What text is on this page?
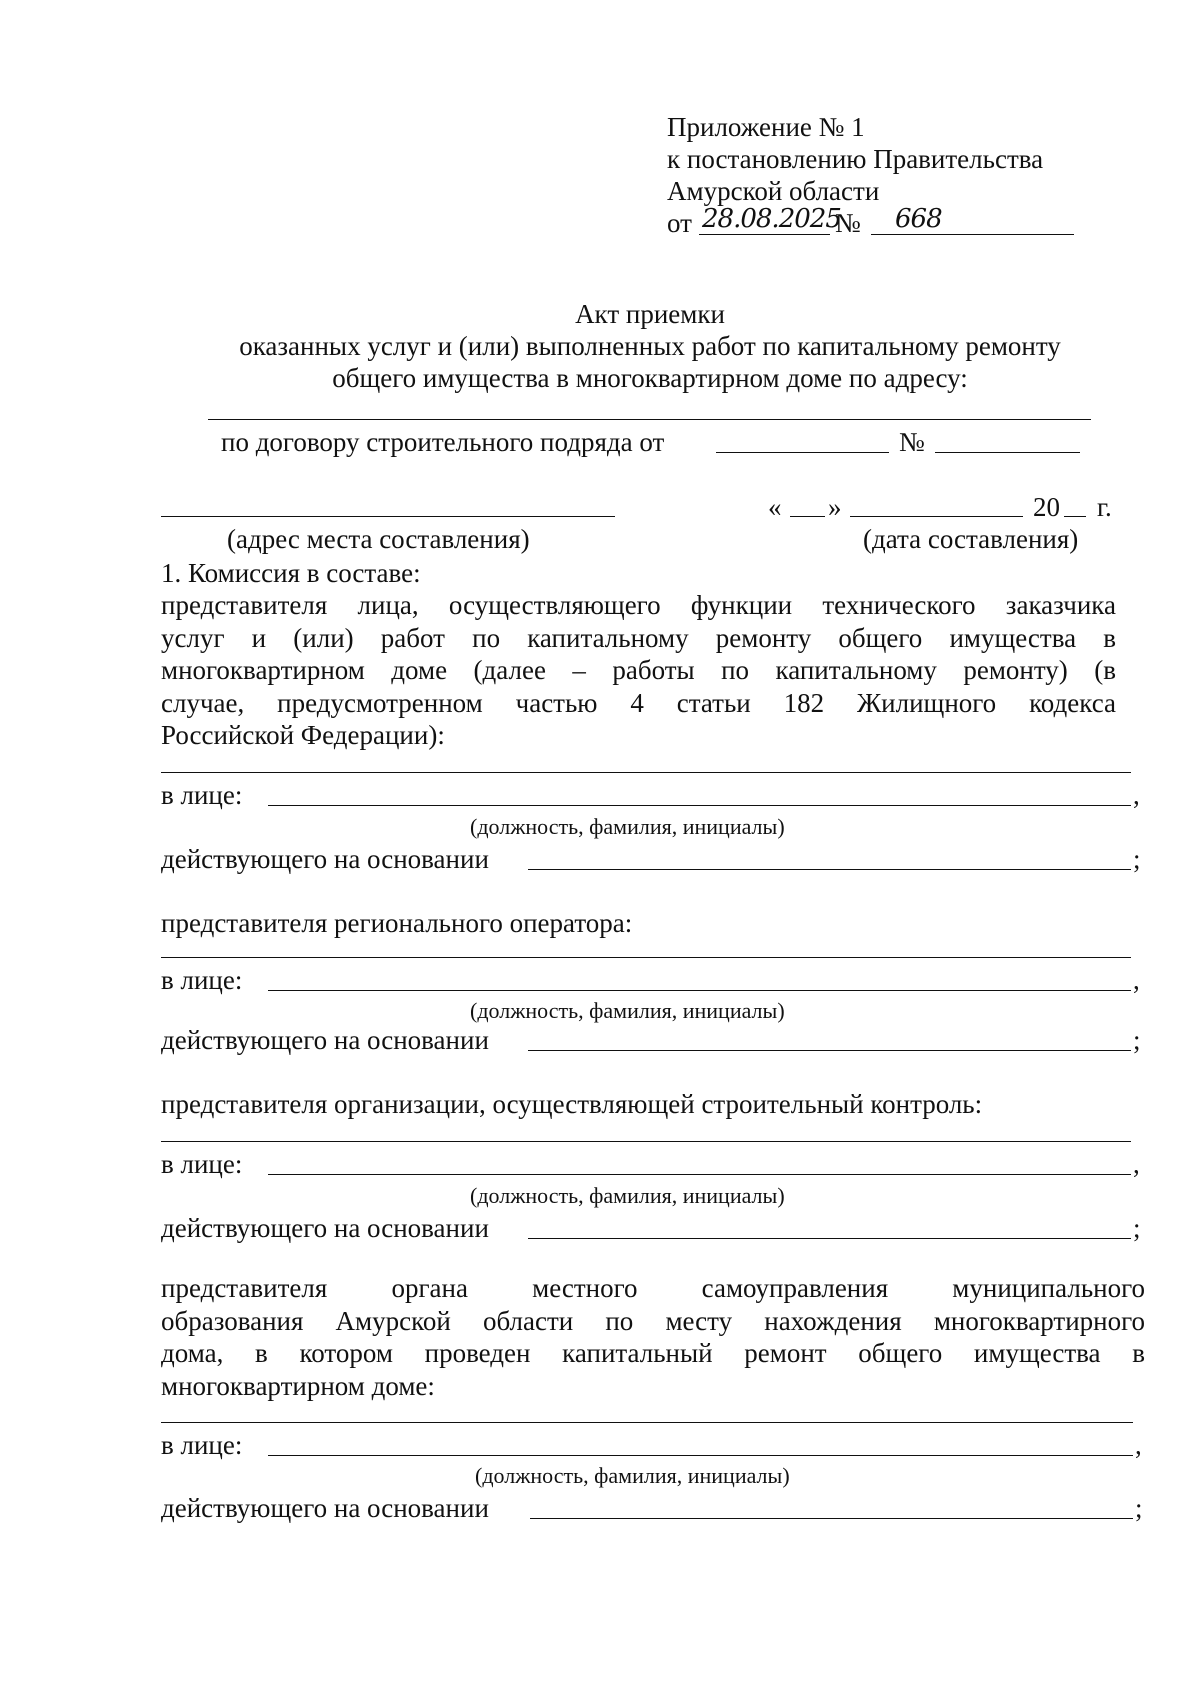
Приложение № 1
к постановлению Правительства
Амурской области
от 28.08.2025
№ 668
Акт приемки
оказанных услуг и (или) выполненных работ по капитальному ремонту
общего имущества в многоквартирном доме по адресу:
по договору строительного подряда от	№
« »	20 г.
(адрес места составления)	(дата составления)
1. Комиссия в составе:
представителя лица, осуществляющего функции технического заказчика
услуг и (или) работ по капитальному ремонту общего имущества в
многоквартирном доме (далее – работы по капитальному ремонту) (в
случае, предусмотренном частью 4 статьи 182 Жилищного кодекса
Российской Федерации):
в лице:	,
(должность, фамилия, инициалы)
действующего на основании	;
представителя регионального оператора:
в лице:	,
(должность, фамилия, инициалы)
действующего на основании	;
представителя организации, осуществляющей строительный контроль:
в лице:	,
(должность, фамилия, инициалы)
действующего на основании	;
представителя органа местного самоуправления муниципального
образования Амурской области по месту нахождения многоквартирного
дома, в котором проведен капитальный ремонт общего имущества в
многоквартирном доме:
в лице:	,
(должность, фамилия, инициалы)
действующего на основании	;
